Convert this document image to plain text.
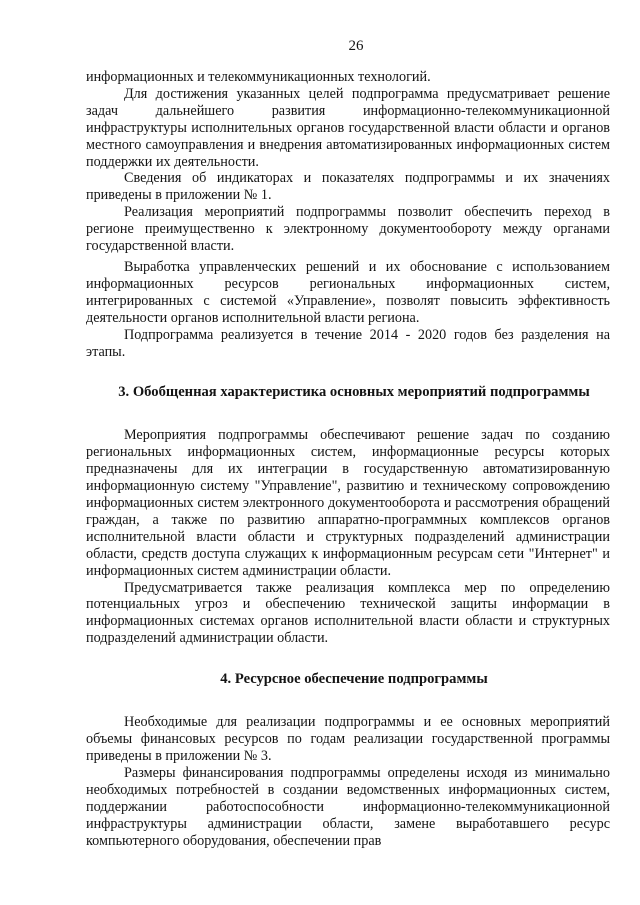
26

информационных и телекоммуникационных технологий.

Для достижения указанных целей подпрограмма предусматривает решение задач дальнейшего развития информационно-телекоммуникационной инфраструктуры исполнительных органов государственной власти области и органов местного самоуправления и внедрения автоматизированных информационных систем поддержки их деятельности.

Сведения об индикаторах и показателях подпрограммы и их значениях приведены в приложении № 1.

Реализация мероприятий подпрограммы позволит обеспечить переход в регионе преимущественно к электронному документообороту между органами государственной власти.

Выработка управленческих решений и их обоснование с использованием информационных ресурсов региональных информационных систем, интегрированных с системой «Управление», позволят повысить эффективность деятельности органов исполнительной власти региона.

Подпрограмма реализуется в течение 2014 - 2020 годов без разделения на этапы.

3. Обобщенная характеристика основных мероприятий подпрограммы

Мероприятия подпрограммы обеспечивают решение задач по созданию региональных информационных систем, информационные ресурсы которых предназначены для их интеграции в государственную автоматизированную информационную систему "Управление", развитию и техническому сопровождению информационных систем электронного документооборота и рассмотрения обращений граждан, а также по развитию аппаратно-программных комплексов органов исполнительной власти области и структурных подразделений администрации области, средств доступа служащих к информационным ресурсам сети "Интернет" и информационных систем администрации области.

Предусматривается также реализация комплекса мер по определению потенциальных угроз и обеспечению технической защиты информации в информационных системах органов исполнительной власти области и структурных подразделений администрации области.

4. Ресурсное обеспечение подпрограммы

Необходимые для реализации подпрограммы и ее основных мероприятий объемы финансовых ресурсов по годам реализации государственной программы приведены в приложении № 3.

Размеры финансирования подпрограммы определены исходя из минимально необходимых потребностей в создании ведомственных информационных систем, поддержании работоспособности информационно-телекоммуникационной инфраструктуры администрации области, замене выработавшего ресурс компьютерного оборудования, обеспечении прав
